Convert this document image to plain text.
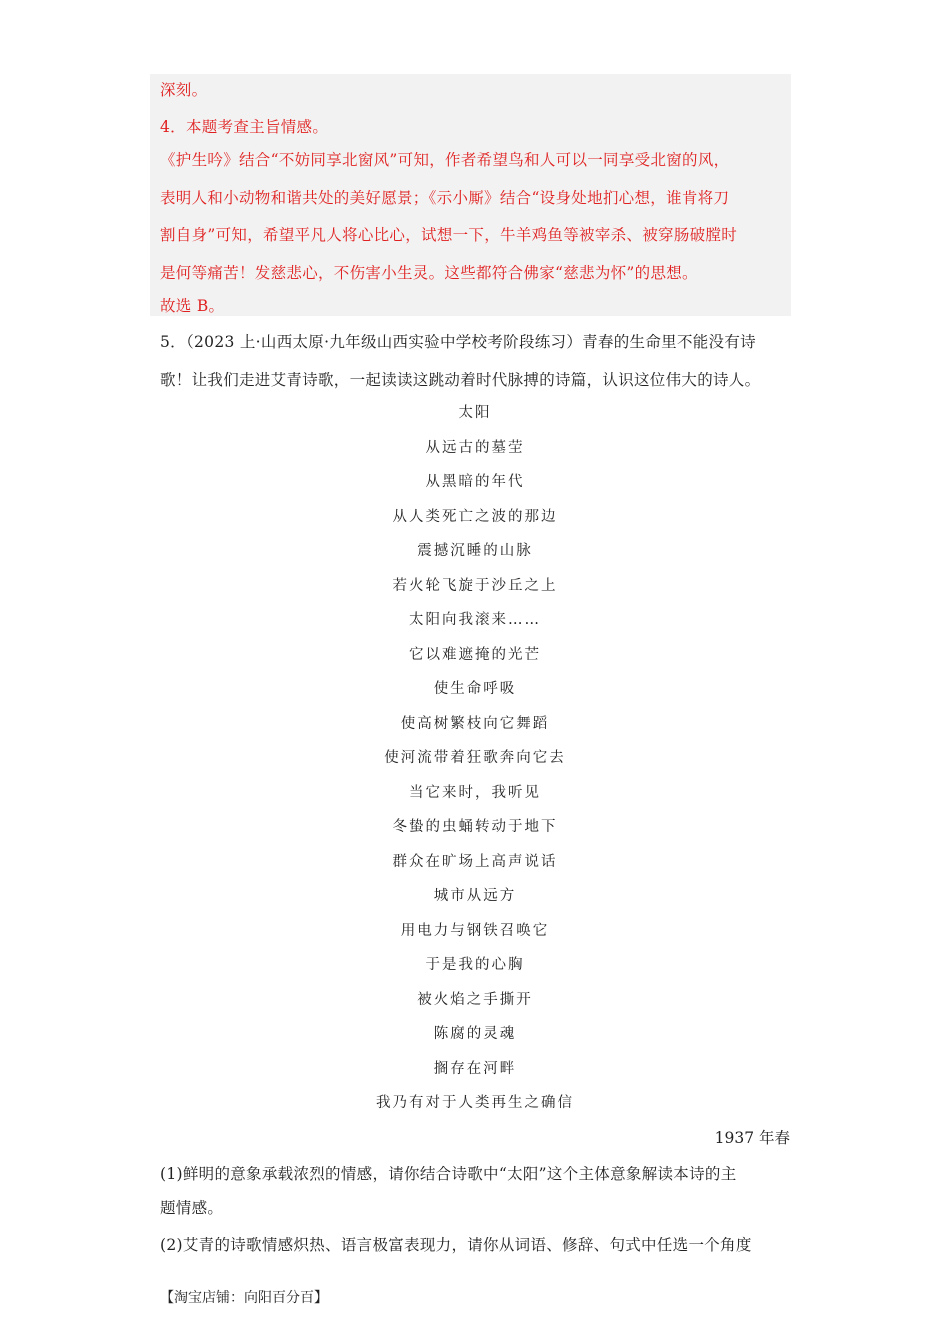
深刻。
4．本题考查主旨情感。
《护生吟》结合“不妨同享北窗风”可知，作者希望鸟和人可以一同享受北窗的风，
表明人和小动物和谐共处的美好愿景；《示小厮》结合“设身处地扪心想，谁肯将刀
割自身”可知，希望平凡人将心比心，试想一下，牛羊鸡鱼等被宰杀、被穿肠破膛时
是何等痛苦！发慈悲心，不伤害小生灵。这些都符合佛家“慈悲为怀”的思想。
故选 B。
5．（2023 上·山西太原·九年级山西实验中学校考阶段练习）青春的生命里不能没有诗
歌！让我们走进艾青诗歌，一起读读这跳动着时代脉搏的诗篇，认识这位伟大的诗人。
太阳
从远古的墓茔
从黑暗的年代
从人类死亡之波的那边
震撼沉睡的山脉
若火轮飞旋于沙丘之上
太阳向我滚来……
它以难遮掩的光芒
使生命呼吸
使高树繁枝向它舞蹈
使河流带着狂歌奔向它去
当它来时，我听见
冬蛰的虫蛹转动于地下
群众在旷场上高声说话
城市从远方
用电力与钢铁召唤它
于是我的心胸
被火焰之手撕开
陈腐的灵魂
搁存在河畔
我乃有对于人类再生之确信
1937 年春
(1)鲜明的意象承载浓烈的情感，请你结合诗歌中“太阳”这个主体意象解读本诗的主
题情感。
(2)艾青的诗歌情感炽热、语言极富表现力，请你从词语、修辞、句式中任选一个角度
【淘宝店铺：向阳百分百】
